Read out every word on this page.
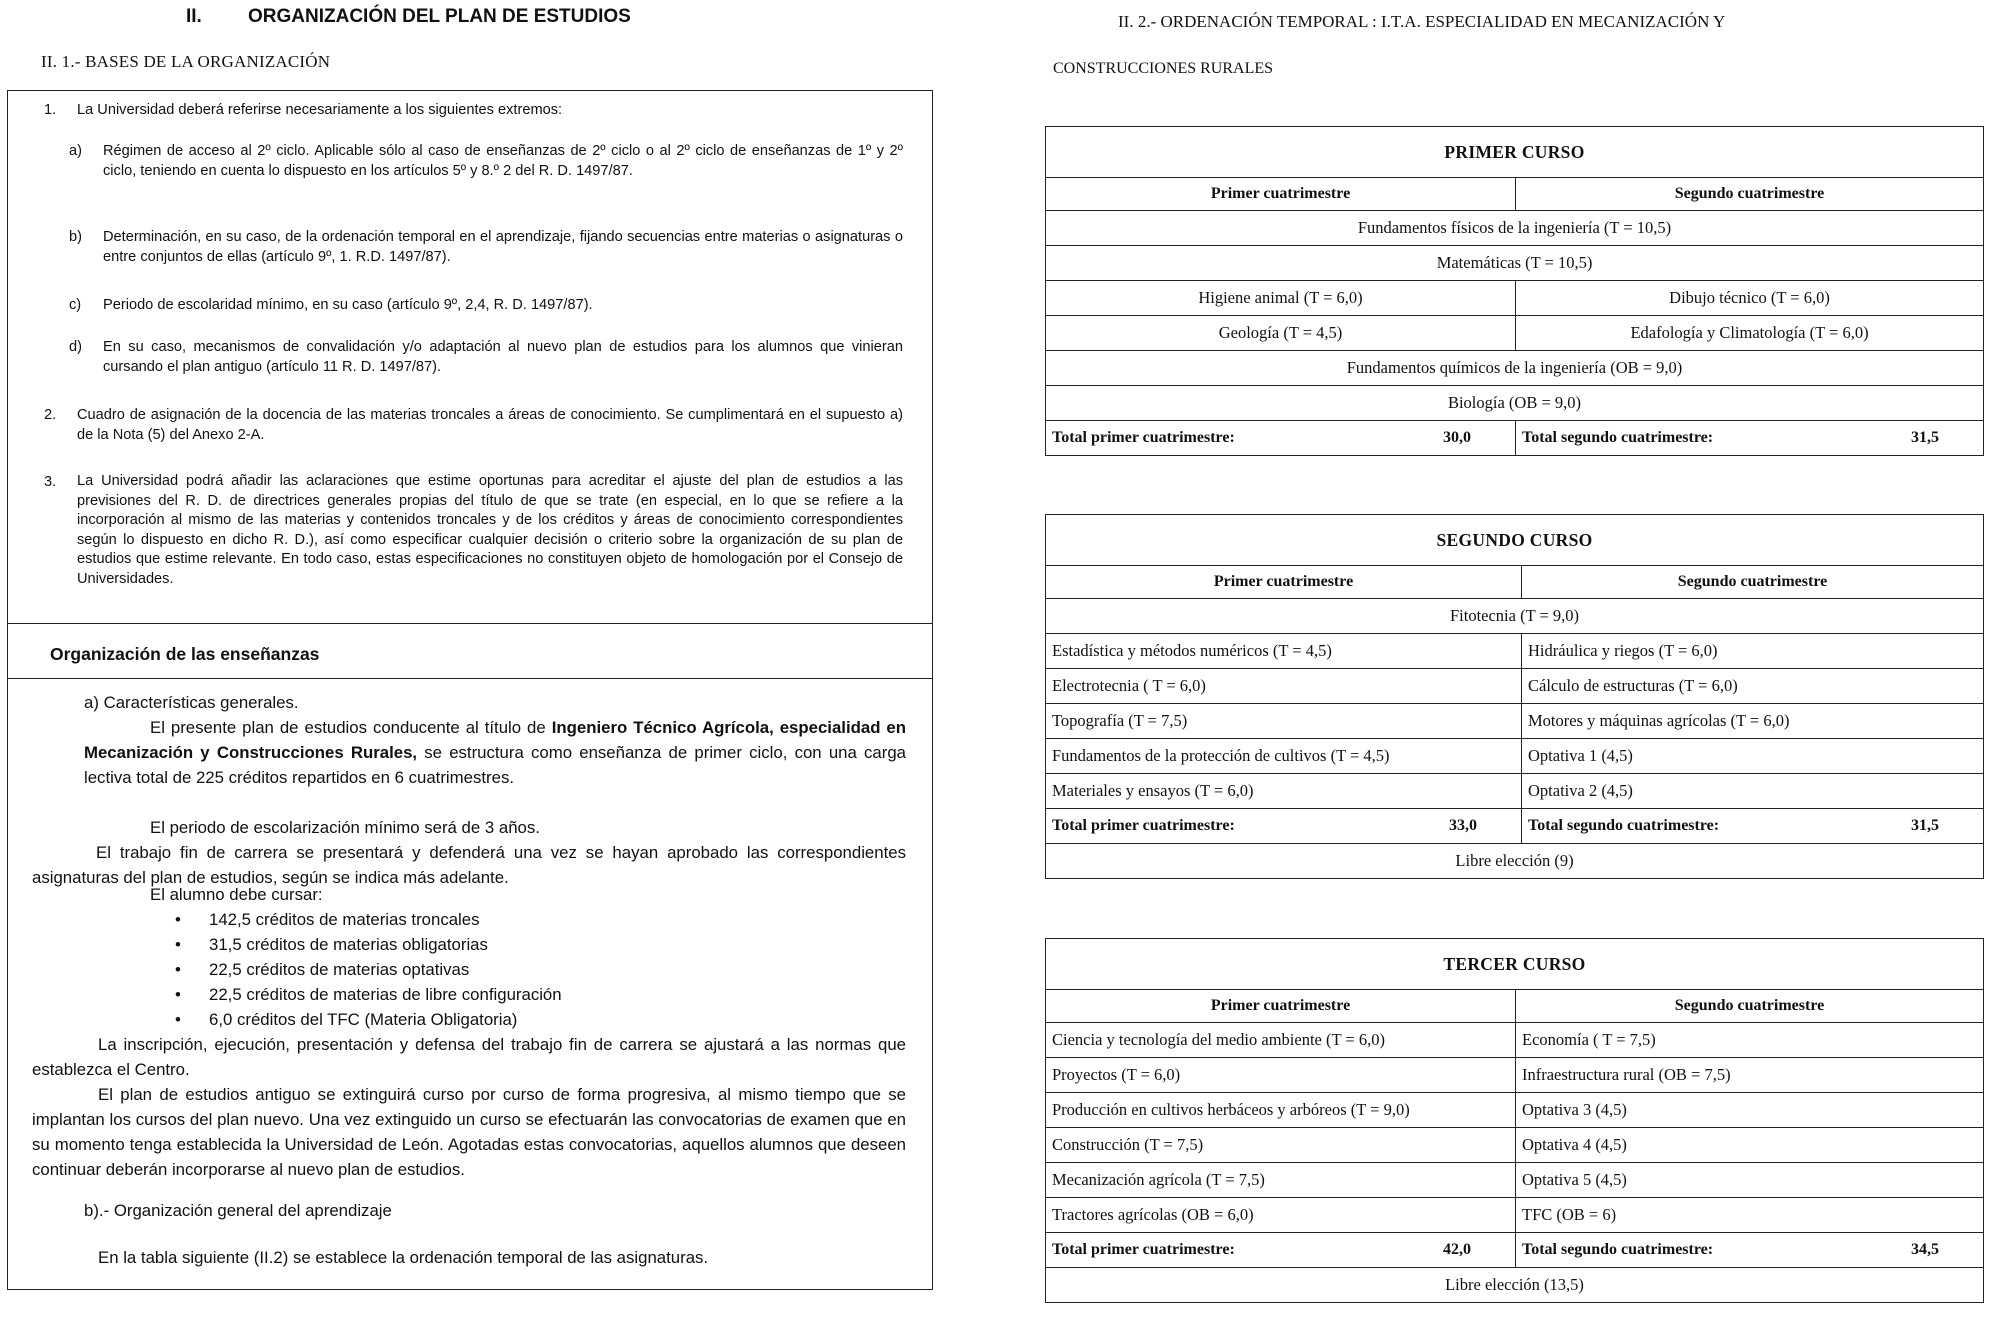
II. ORGANIZACIÓN DEL PLAN DE ESTUDIOS
II. 1.- BASES DE LA ORGANIZACIÓN
1. La Universidad deberá referirse necesariamente a los siguientes extremos:
a) Régimen de acceso al 2º ciclo. Aplicable sólo al caso de enseñanzas de 2º ciclo o al 2º ciclo de enseñanzas de 1º y 2º ciclo, teniendo en cuenta lo dispuesto en los artículos 5º y 8.º 2 del R. D. 1497/87.
b) Determinación, en su caso, de la ordenación temporal en el aprendizaje, fijando secuencias entre materias o asignaturas o entre conjuntos de ellas (artículo 9º, 1. R.D. 1497/87).
c) Periodo de escolaridad mínimo, en su caso (artículo 9º, 2,4, R. D. 1497/87).
d) En su caso, mecanismos de convalidación y/o adaptación al nuevo plan de estudios para los alumnos que vinieran cursando el plan antiguo (artículo 11 R. D. 1497/87).
2. Cuadro de asignación de la docencia de las materias troncales a áreas de conocimiento. Se cumplimentará en el supuesto a) de la Nota (5) del Anexo 2-A.
3. La Universidad podrá añadir las aclaraciones que estime oportunas para acreditar el ajuste del plan de estudios a las previsiones del R. D. de directrices generales propias del título de que se trate (en especial, en lo que se refiere a la incorporación al mismo de las materias y contenidos troncales y de los créditos y áreas de conocimiento correspondientes según lo dispuesto en dicho R. D.), así como especificar cualquier decisión o criterio sobre la organización de su plan de estudios que estime relevante. En todo caso, estas especificaciones no constituyen objeto de homologación por el Consejo de Universidades.
Organización de las enseñanzas
a) Características generales.
El presente plan de estudios conducente al título de Ingeniero Técnico Agrícola, especialidad en Mecanización y Construcciones Rurales, se estructura como enseñanza de primer ciclo, con una carga lectiva total de 225 créditos repartidos en 6 cuatrimestres.
El periodo de escolarización mínimo será de 3 años.
El trabajo fin de carrera se presentará y defenderá una vez se hayan aprobado las correspondientes asignaturas del plan de estudios, según se indica más adelante.
El alumno debe cursar:
• 142,5 créditos de materias troncales
• 31,5 créditos de materias obligatorias
• 22,5 créditos de materias optativas
• 22,5 créditos de materias de libre configuración
• 6,0 créditos del TFC (Materia Obligatoria)
La inscripción, ejecución, presentación y defensa del trabajo fin de carrera se ajustará a las normas que establezca el Centro.
El plan de estudios antiguo se extinguirá curso por curso de forma progresiva, al mismo tiempo que se implantan los cursos del plan nuevo. Una vez extinguido un curso se efectuarán las convocatorias de examen que en su momento tenga establecida la Universidad de León. Agotadas estas convocatorias, aquellos alumnos que deseen continuar deberán incorporarse al nuevo plan de estudios.
b).- Organización general del aprendizaje
En la tabla siguiente (II.2) se establece la ordenación temporal de las asignaturas.
II. 2.- ORDENACIÓN TEMPORAL : I.T.A. ESPECIALIDAD EN MECANIZACIÓN Y
CONSTRUCCIONES RURALES
PRIMER CURSO	
Primer cuatrimestre	Segundo cuatrimestre
Fundamentos físicos de la ingeniería (T = 10,5)	
Matemáticas (T = 10,5)	
Higiene animal (T = 6,0)	Dibujo técnico (T = 6,0)
Geología (T = 4,5)	Edafología y Climatología (T = 6,0)
Fundamentos químicos de la ingeniería (OB = 9,0)	
Biología (OB = 9,0)	
Total primer cuatrimestre: 30,0	Total segundo cuatrimestre: 31,5
SEGUNDO CURSO	
Primer cuatrimestre	Segundo cuatrimestre
Fitotecnia (T = 9,0)	
Estadística y métodos numéricos (T = 4,5)	Hidráulica y riegos (T = 6,0)
Electrotecnia ( T = 6,0)	Cálculo de estructuras (T = 6,0)
Topografía (T = 7,5)	Motores y máquinas agrícolas (T = 6,0)
Fundamentos de la protección de cultivos (T = 4,5)	Optativa 1 (4,5)
Materiales y ensayos (T = 6,0)	Optativa 2 (4,5)
Total primer cuatrimestre: 33,0	Total segundo cuatrimestre: 31,5

Libre elección (9)	
TERCER CURSO	
Primer cuatrimestre	Segundo cuatrimestre
Ciencia y tecnología del medio ambiente (T = 6,0)	Economía ( T = 7,5)
Proyectos (T = 6,0)	Infraestructura rural (OB = 7,5)
Producción en cultivos herbáceos y arbóreos (T = 9,0)	Optativa 3 (4,5)
Construcción (T = 7,5)	Optativa 4 (4,5)
Mecanización agrícola (T = 7,5)	Optativa 5 (4,5)
Tractores agrícolas (OB = 6,0)	TFC (OB = 6)
Total primer cuatrimestre: 42,0	Total segundo cuatrimestre: 34,5

Libre elección (13,5)	
